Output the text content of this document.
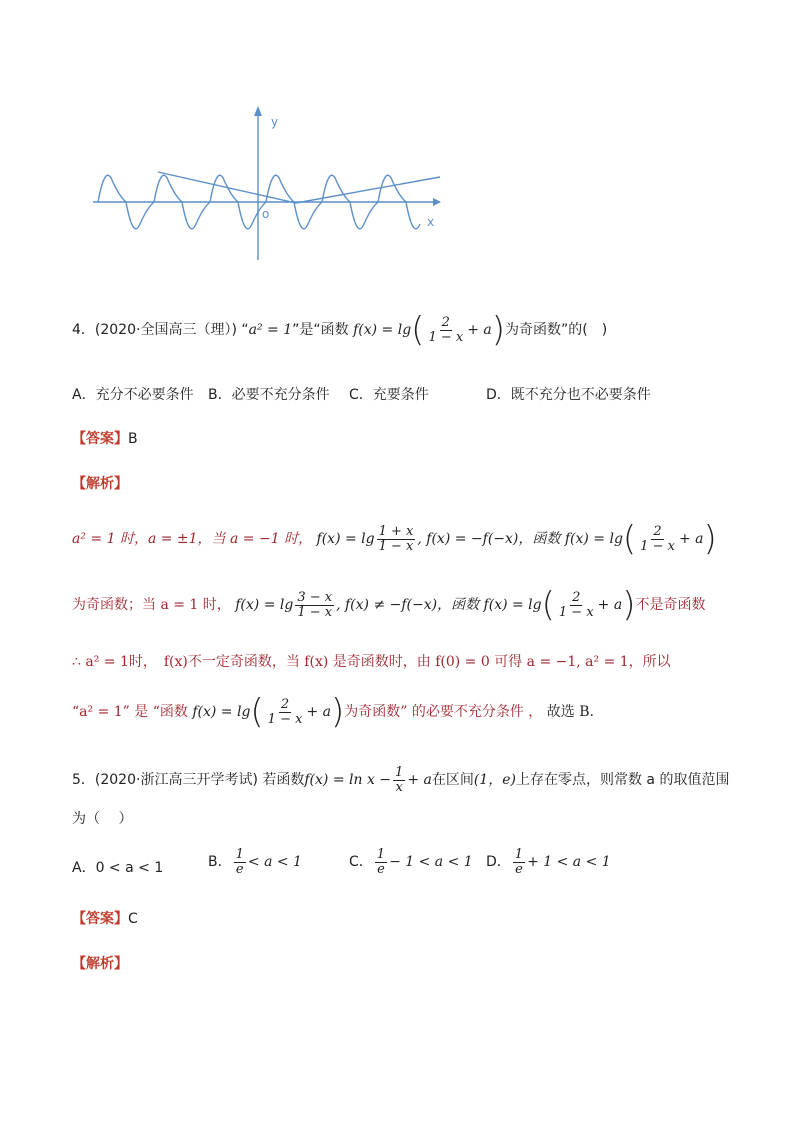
y
o
x
4．(2020·全国高三（理）) “a² = 1”是“函数 $f(x) = \lg( \frac{2}{1 - x} + a)$为奇函数”的(　)
A．充分不必要条件 B．必要不充分条件 C．充要条件	D．既不充分也不必要条件
【答案】B
【解析】
a² = 1 时，a = ±1，当 a = −1 时， $f(x) = \lg \frac{1 + x}{1 - x}$ , f(x) = −f(−x)，函数 $f(x) = \lg( \frac{2}{1 - x} + a)$
为奇函数；当 a = 1 时， $f(x) = \lg \frac{3 - x}{1 - x}$ , f(x) ≠ −f(−x)，函数 $f(x) = \lg( \frac{2}{1 - x} + a)$不是奇函数
∴ a² = 1时，　f(x)不一定奇函数，当 f(x) 是奇函数时，由 f(0) = 0 可得 a = −1, a² = 1，所以
“a² = 1” 是 “函数 $f(x) = \lg( \frac{2}{1 - x} + a)$为奇函数” 的必要不充分条件 ， 故选 B.
5．(2020·浙江高三开学考试) 若函数$f(x) = \ln x - \frac{1}{x} + a$在区间(1，e)上存在零点，则常数 a 的取值范围
为（　 ）
A．0 < a < 1	B． $\frac{1}{e} < a < 1$	C． $\frac{1}{e} - 1 < a < 1$ D． $\frac{1}{e} + 1 < a < 1$
【答案】C
【解析】
